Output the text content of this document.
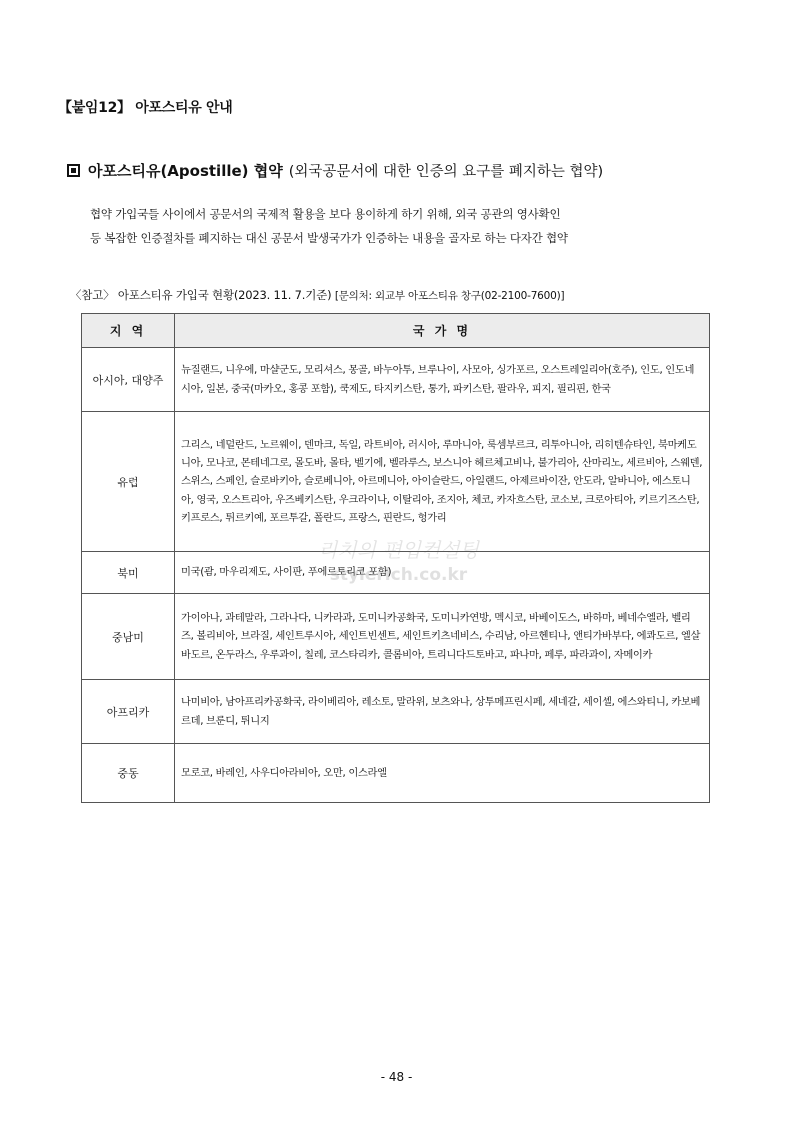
【붙임12】 아포스티유 안내
아포스티유(Apostille) 협약 (외국공문서에 대한 인증의 요구를 폐지하는 협약)
협약 가입국들 사이에서 공문서의 국제적 활용을 보다 용이하게 하기 위해, 외국 공관의 영사확인
등 복잡한 인증절차를 폐지하는 대신 공문서 발생국가가 인증하는 내용을 골자로 하는 다자간 협약
〈참고〉 아포스티유 가입국 현황(2023. 11. 7.기준) [문의처: 외교부 아포스티유 창구(02-2100-7600)]
지 역	국 가 명
아시아, 대양주	뉴질랜드, 니우에, 마샬군도, 모리셔스, 몽골, 바누아투, 브루나이, 사모아, 싱가포르, 오스트레일리아(호주), 인도, 인도네시아, 일본, 중국(마카오, 홍콩 포함), 쿡제도, 타지키스탄, 통가, 파키스탄, 팔라우, 피지, 필리핀, 한국
유럽	그리스, 네덜란드, 노르웨이, 덴마크, 독일, 라트비아, 러시아, 루마니아, 룩셈부르크, 리투아니아, 리히텐슈타인, 북마케도니아, 모나코, 몬테네그로, 몰도바, 몰타, 벨기에, 벨라루스, 보스니아 헤르체고비나, 불가리아, 산마리노, 세르비아, 스웨덴, 스위스, 스페인, 슬로바키아, 슬로베니아, 아르메니아, 아이슬란드, 아일랜드, 아제르바이잔, 안도라, 알바니아, 에스토니아, 영국, 오스트리아, 우즈베키스탄, 우크라이나, 이탈리아, 조지아, 체코, 카자흐스탄, 코소보, 크로아티아, 키르기즈스탄, 키프로스, 튀르키예, 포르투갈, 폴란드, 프랑스, 핀란드, 헝가리
북미	미국(괌, 마우리제도, 사이판, 푸에르토리코 포함)
중남미	가이아나, 과테말라, 그라나다, 니카라과, 도미니카공화국, 도미니카연방, 멕시코, 바베이도스, 바하마, 베네수엘라, 벨리즈, 볼리비아, 브라질, 세인트루시아, 세인트빈센트, 세인트키츠네비스, 수리남, 아르헨티나, 앤티가바부다, 에콰도르, 엘살바도르, 온두라스, 우루과이, 칠레, 코스타리카, 콜롬비아, 트리니다드토바고, 파나마, 페루, 파라과이, 자메이카
아프리카	나미비아, 남아프리카공화국, 라이베리아, 레소토, 말라위, 보츠와나, 상투메프린시페, 세네갈, 세이셸, 에스와티니, 카보베르데, 브룬디, 튀니지
중동	모로코, 바레인, 사우디아라비아, 오만, 이스라엘
리치의 편입컨설팅
stylerich.co.kr
- 48 -
